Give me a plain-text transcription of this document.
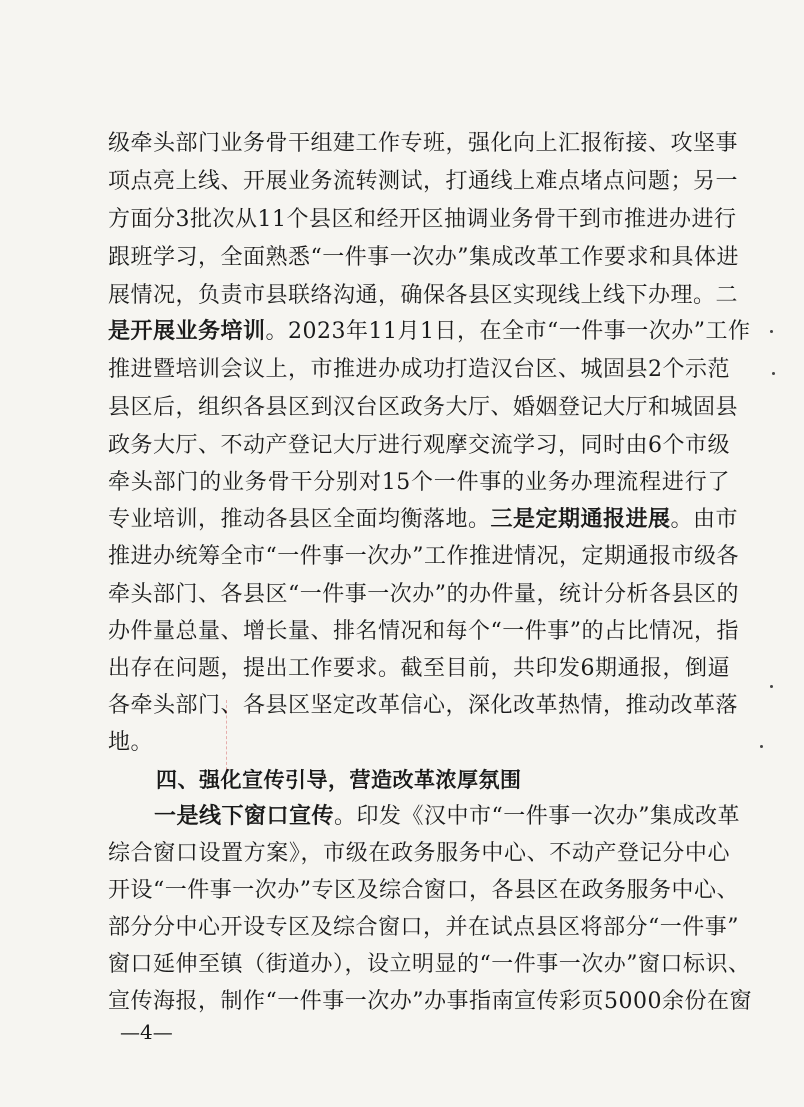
级牵头部门业务骨干组建工作专班，强化向上汇报衔接、攻坚事
项点亮上线、开展业务流转测试，打通线上难点堵点问题；另一
方面分3批次从11个县区和经开区抽调业务骨干到市推进办进行
跟班学习，全面熟悉“一件事一次办”集成改革工作要求和具体进
展情况，负责市县联络沟通，确保各县区实现线上线下办理。二
是开展业务培训。2023年11月1日，在全市“一件事一次办”工作
推进暨培训会议上，市推进办成功打造汉台区、城固县2个示范
县区后，组织各县区到汉台区政务大厅、婚姻登记大厅和城固县
政务大厅、不动产登记大厅进行观摩交流学习，同时由6个市级
牵头部门的业务骨干分别对15个一件事的业务办理流程进行了
专业培训，推动各县区全面均衡落地。三是定期通报进展。由市
推进办统筹全市“一件事一次办”工作推进情况，定期通报市级各
牵头部门、各县区“一件事一次办”的办件量，统计分析各县区的
办件量总量、增长量、排名情况和每个“一件事”的占比情况，指
出存在问题，提出工作要求。截至目前，共印发6期通报，倒逼
各牵头部门、各县区坚定改革信心，深化改革热情，推动改革落
地。
四、强化宣传引导，营造改革浓厚氛围
一是线下窗口宣传。印发《汉中市“一件事一次办”集成改革
综合窗口设置方案》，市级在政务服务中心、不动产登记分中心
开设“一件事一次办”专区及综合窗口，各县区在政务服务中心、
部分分中心开设专区及综合窗口，并在试点县区将部分“一件事”
窗口延伸至镇（街道办），设立明显的“一件事一次办”窗口标识、
宣传海报，制作“一件事一次办”办事指南宣传彩页5000余份在窗
—4—
